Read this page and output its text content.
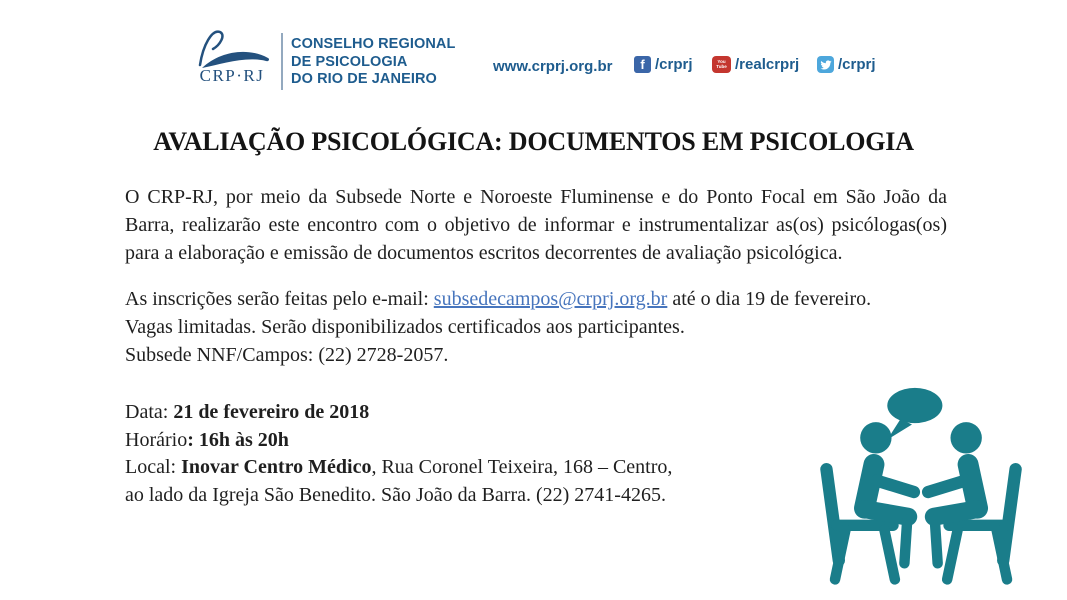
CRP·RJ
CONSELHO REGIONAL
DE PSICOLOGIA
DO RIO DE JANEIRO
www.crprj.org.br f /crprj	You
Tube /realcrprj	/crprj
AVALIAÇÃO PSICOLÓGICA: DOCUMENTOS EM PSICOLOGIA

O CRP-RJ, por meio da Subsede Norte e Noroeste Fluminense e do Ponto Focal em São João da Barra, realizarão este encontro com o objetivo de informar e instrumentalizar as(os) psicólogas(os) para a elaboração e emissão de documentos escritos decorrentes de avaliação psicológica.

As inscrições serão feitas pelo e-mail: subsedecampos@crprj.org.br até o dia 19 de fevereiro.
Vagas limitadas. Serão disponibilizados certificados aos participantes.
Subsede NNF/Campos: (22) 2728-2057.
Data: 21 de fevereiro de 2018
Horário: 16h às 20h
Local: Inovar Centro Médico, Rua Coronel Teixeira, 168 – Centro,
ao lado da Igreja São Benedito. São João da Barra. (22) 2741-4265.
